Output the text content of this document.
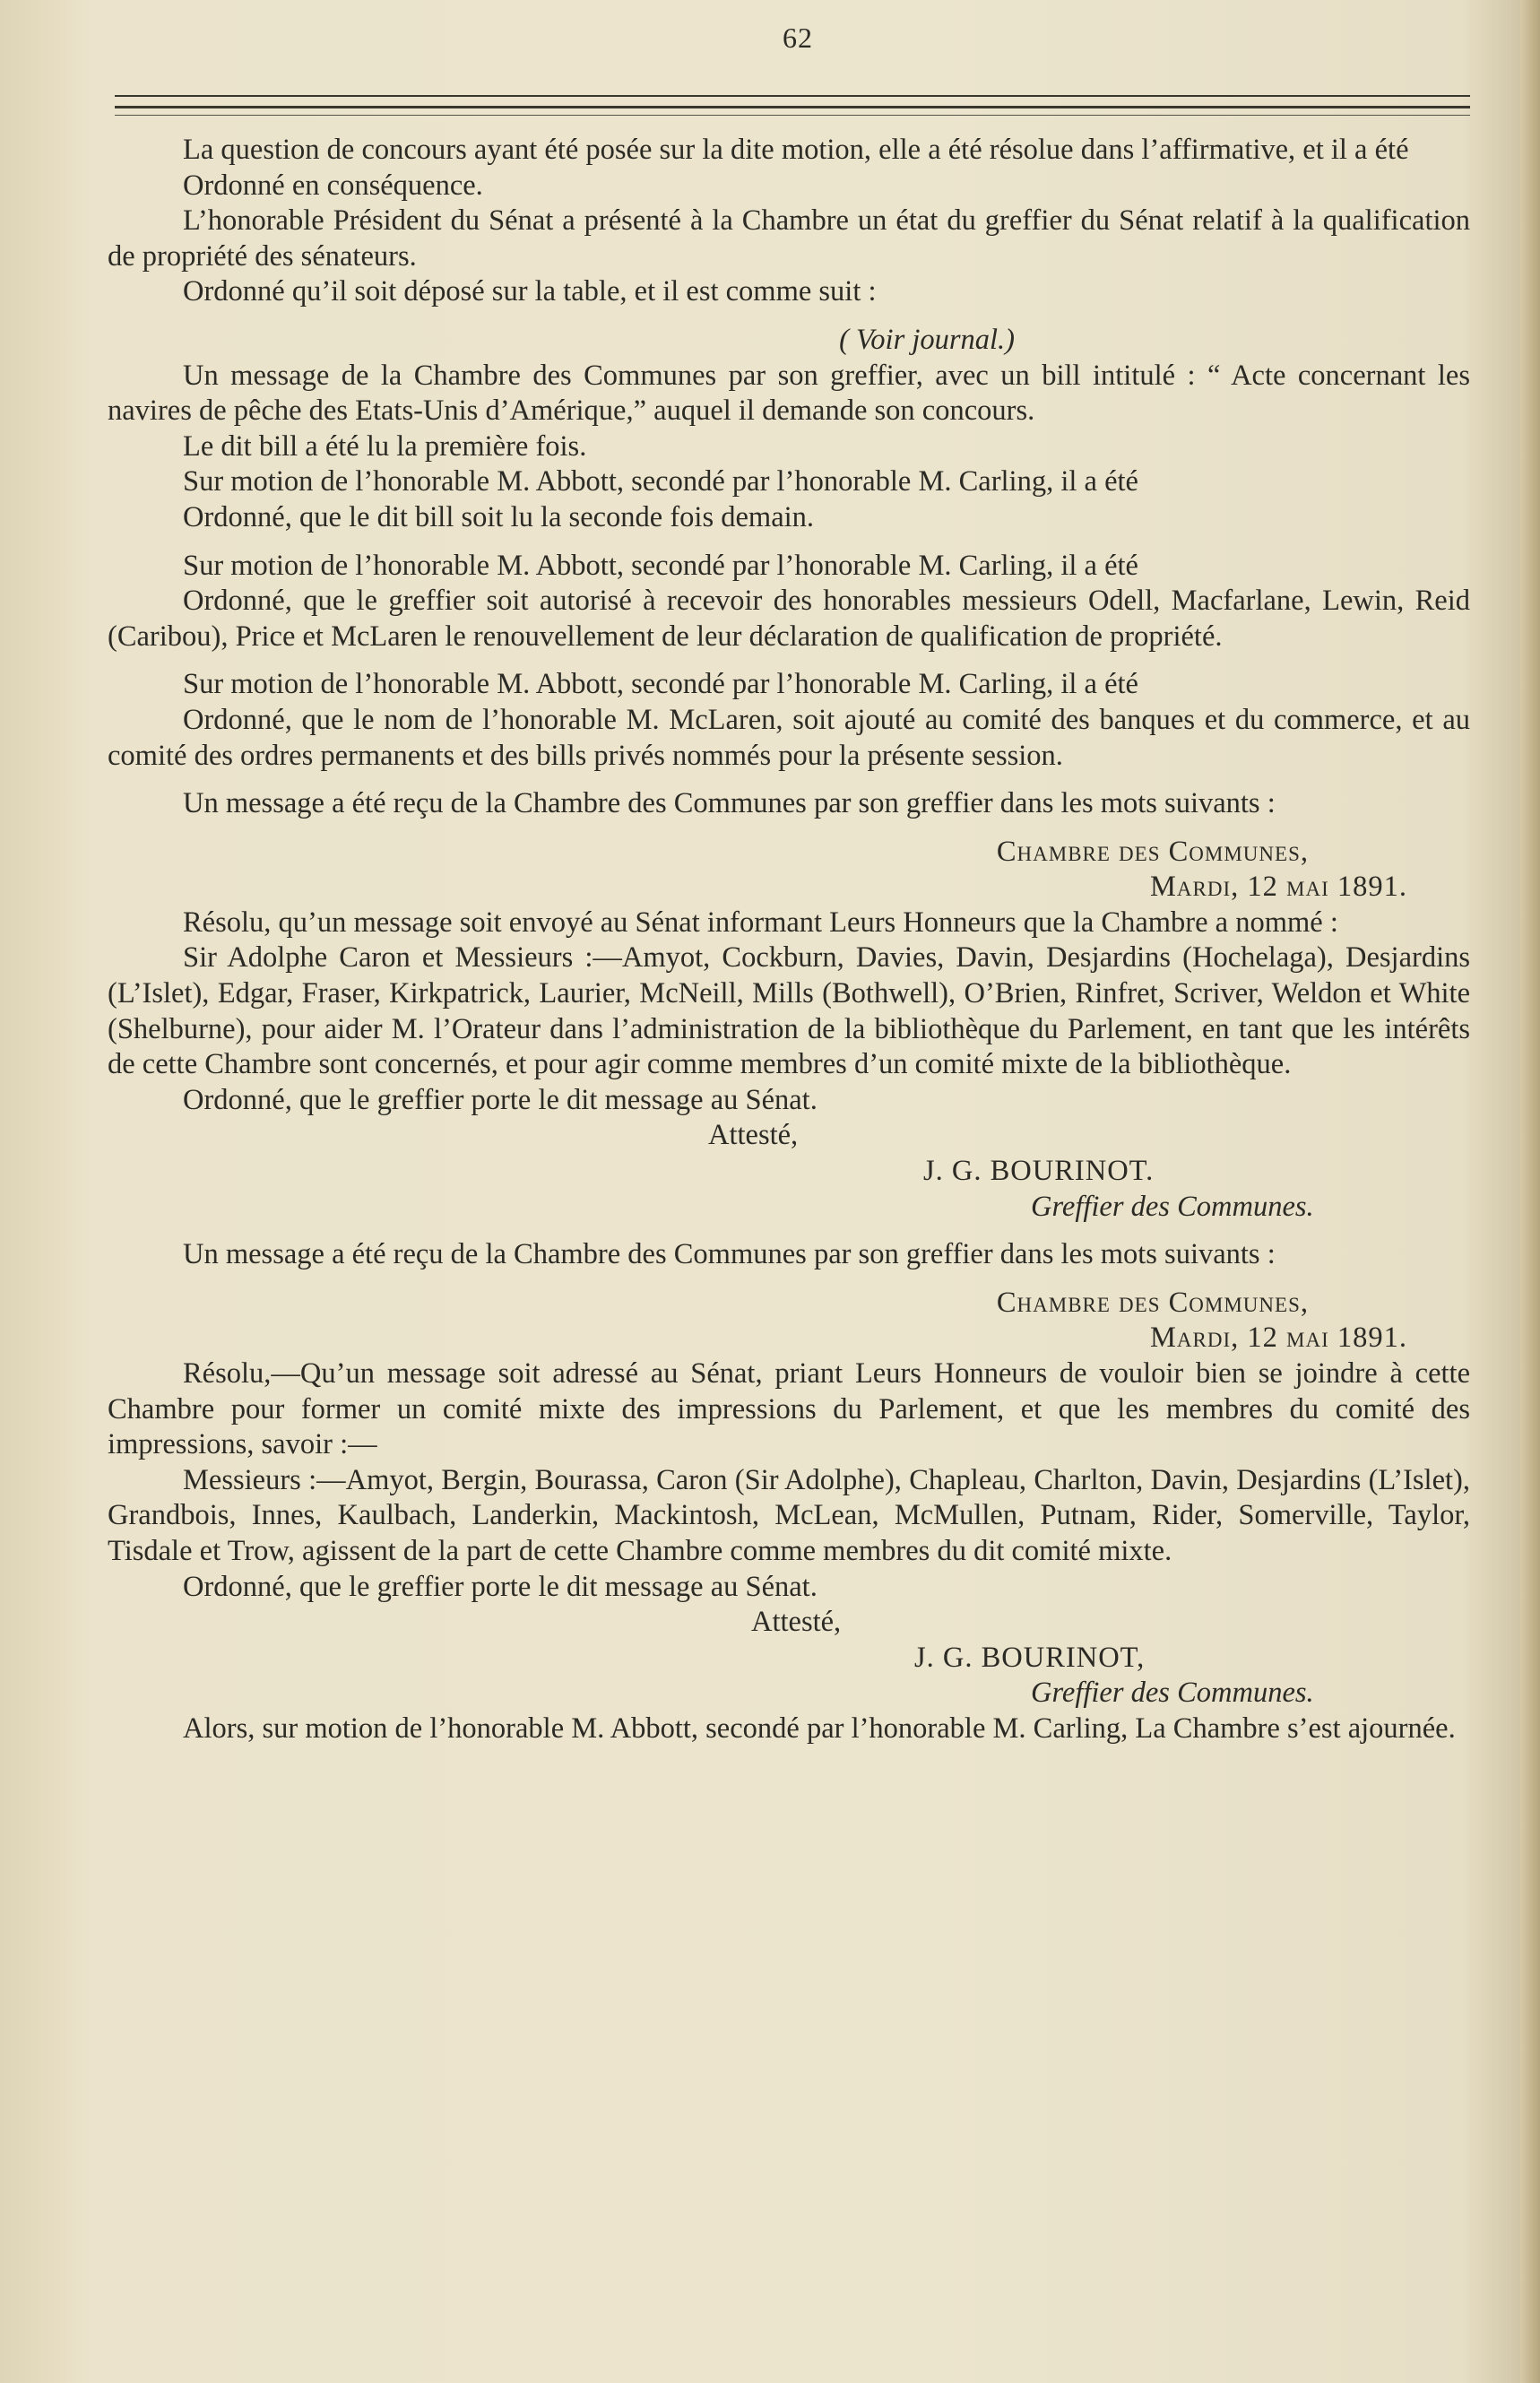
62

La question de concours ayant été posée sur la dite motion, elle a été résolue dans l’affirmative, et il a été

Ordonné en conséquence.

L’honorable Président du Sénat a présenté à la Chambre un état du greffier du Sénat relatif à la qualification de propriété des sénateurs.

Ordonné qu’il soit déposé sur la table, et il est comme suit :

( Voir journal.)

Un message de la Chambre des Communes par son greffier, avec un bill intitulé : “ Acte concernant les navires de pêche des Etats-Unis d’Amérique,” auquel il demande son concours.

Le dit bill a été lu la première fois.

Sur motion de l’honorable M. Abbott, secondé par l’honorable M. Carling, il a été

Ordonné, que le dit bill soit lu la seconde fois demain.

Sur motion de l’honorable M. Abbott, secondé par l’honorable M. Carling, il a été

Ordonné, que le greffier soit autorisé à recevoir des honorables messieurs Odell, Macfarlane, Lewin, Reid (Caribou), Price et McLaren le renouvellement de leur déclaration de qualification de propriété.

Sur motion de l’honorable M. Abbott, secondé par l’honorable M. Carling, il a été

Ordonné, que le nom de l’honorable M. McLaren, soit ajouté au comité des banques et du commerce, et au comité des ordres permanents et des bills privés nommés pour la présente session.

Un message a été reçu de la Chambre des Communes par son greffier dans les mots suivants :

Chambre des Communes,

Mardi, 12 mai 1891.

Résolu, qu’un message soit envoyé au Sénat informant Leurs Honneurs que la Chambre a nommé :

Sir Adolphe Caron et Messieurs :—Amyot, Cockburn, Davies, Davin, Desjardins (Hochelaga), Desjardins (L’Islet), Edgar, Fraser, Kirkpatrick, Laurier, McNeill, Mills (Bothwell), O’Brien, Rinfret, Scriver, Weldon et White (Shelburne), pour aider M. l’Orateur dans l’administration de la bibliothèque du Parlement, en tant que les intérêts de cette Chambre sont concernés, et pour agir comme membres d’un comité mixte de la bibliothèque.

Ordonné, que le greffier porte le dit message au Sénat.

Attesté,

J. G. BOURINOT.

Greffier des Communes.

Un message a été reçu de la Chambre des Communes par son greffier dans les mots suivants :

Chambre des Communes,

Mardi, 12 mai 1891.

Résolu,—Qu’un message soit adressé au Sénat, priant Leurs Honneurs de vouloir bien se joindre à cette Chambre pour former un comité mixte des impressions du Parlement, et que les membres du comité des impressions, savoir :—

Messieurs :—Amyot, Bergin, Bourassa, Caron (Sir Adolphe), Chapleau, Charlton, Davin, Desjardins (L’Islet), Grandbois, Innes, Kaulbach, Landerkin, Mackintosh, McLean, McMullen, Putnam, Rider, Somerville, Taylor, Tisdale et Trow, agissent de la part de cette Chambre comme membres du dit comité mixte.

Ordonné, que le greffier porte le dit message au Sénat.

Attesté,

J. G. BOURINOT,

Greffier des Communes.

Alors, sur motion de l’honorable M. Abbott, secondé par l’honorable M. Carling, La Chambre s’est ajournée.
